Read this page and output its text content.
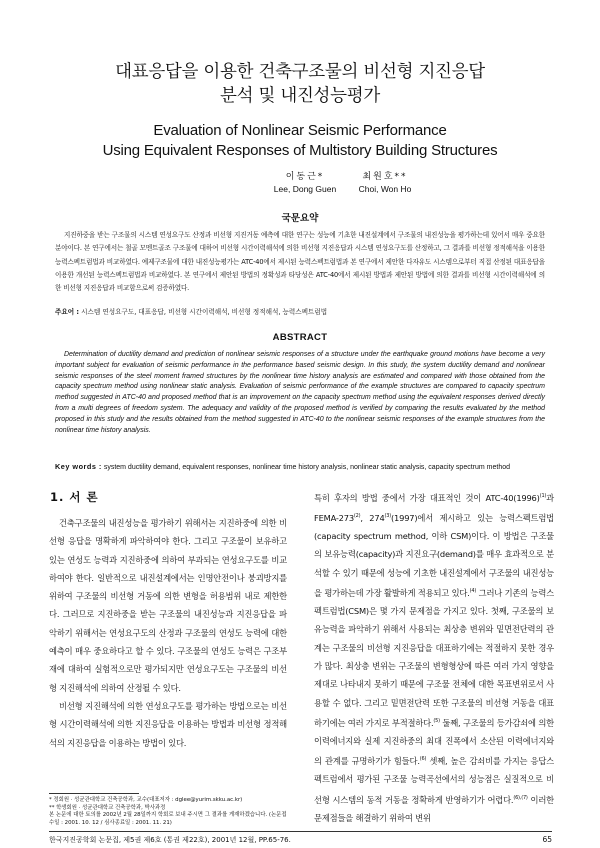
대표응답을 이용한 건축구조물의 비선형 지진응답
분석 및 내진성능평가
Evaluation of Nonlinear Seismic Performance
Using Equivalent Responses of Multistory Building Structures
이동근*
Lee, Dong Guen
최원호**
Choi, Won Ho
국문요약
지진하중을 받는 구조물의 시스템 연성요구도 산정과 비선형 지진거동 예측에 대한 연구는 성능에 기초한 내진설계에서 구조물의 내진성능을 평가하는데 있어서 매우 중요한 분야이다. 본 연구에서는 철골 모멘트골조 구조물에 대하여 비선형 시간이력해석에 의한 비선형 지진응답과 시스템 연성요구도를 산정하고, 그 결과를 비선형 정적해석을 이용한 능력스펙트럼법과 비교하였다. 예제구조물에 대한 내진성능평가는 ATC-40에서 제시된 능력스펙트럼법과 본 연구에서 제안한 다자유도 시스템으로부터 직접 산정된 대표응답을 이용한 개선된 능력스펙트럼법과 비교하였다. 본 연구에서 제안된 방법의 정확성과 타당성은 ATC-40에서 제시된 방법과 제안된 방법에 의한 결과를 비선형 시간이력해석에 의한 비선형 지진응답과 비교함으로써 검증하였다.
주요어 : 시스템 연성요구도, 대표응답, 비선형 시간이력해석, 비선형 정적해석, 능력스펙트럼법
ABSTRACT
Determination of ductility demand and prediction of nonlinear seismic responses of a structure under the earthquake ground motions have become a very important subject for evaluation of seismic performance in the performance based seismic design. In this study, the system ductility demand and nonlinear seismic responses of the steel moment framed structures by the nonlinear time history analysis are estimated and compared with those obtained from the capacity spectrum method using nonlinear static analysis. Evaluation of seismic performance of the example structures are compared to capacity spectrum method suggested in ATC-40 and proposed method that is an improvement on the capacity spectrum method using the equivalent responses derived directly from a multi degrees of freedom system. The adequacy and validity of the proposed method is verified by comparing the results evaluated by the method proposed in this study and the results obtained from the method suggested in ATC-40 to the nonlinear seismic responses of the example structures from the nonlinear time history analysis.
Key words : system ductility demand, equivalent responses, nonlinear time history analysis, nonlinear static analysis, capacity spectrum method
1. 서 론

건축구조물의 내진성능을 평가하기 위해서는 지진하중에 의한 비선형 응답을 명확하게 파악하여야 한다. 그리고 구조물이 보유하고 있는 연성도 능력과 지진하중에 의하여 부과되는 연성요구도를 비교하여야 한다. 일반적으로 내진설계에서는 인명안전이나 붕괴방지를 위하여 구조물의 비선형 거동에 의한 변형을 허용범위 내로 제한한다. 그러므로 지진하중을 받는 구조물의 내진성능과 지진응답을 파악하기 위해서는 연성요구도의 산정과 구조물의 연성도 능력에 대한 예측이 매우 중요하다고 할 수 있다. 구조물의 연성도 능력은 구조부재에 대하여 실험적으로만 평가되지만 연성요구도는 구조물의 비선형 지진해석에 의하여 산정될 수 있다.

비선형 지진해석에 의한 연성요구도를 평가하는 방법으로는 비선형 시간이력해석에 의한 지진응답을 이용하는 방법과 비선형 정적해석의 지진응답을 이용하는 방법이 있다.

특히 후자의 방법 중에서 가장 대표적인 것이 ATC-$40(1996)^{(1)}$과 FEMA-273$^{(2)}$, 274$^{(3)}$(1997)에서 제시하고 있는 능력스펙트럼법(capacity spectrum method, 이하 CSM)이다. 이 방법은 구조물의 보유능력(capacity)과 지진요구(demand)를 매우 효과적으로 분석할 수 있기 때문에 성능에 기초한 내진설계에서 구조물의 내진성능을 평가하는데 가장 활발하게 적용되고 있다.$^{(4)}$ 그러나 기존의 능력스펙트럼법(CSM)은 몇 가지 문제점을 가지고 있다. 첫째, 구조물의 보유능력을 파악하기 위해서 사용되는 최상층 변위와 밑면전단력의 관계는 구조물의 비선형 지진응답을 대표하기에는 적절하지 못한 경우가 많다. 최상층 변위는 구조물의 변형형상에 따른 여러 가지 영향을 제대로 나타내지 못하기 때문에 구조물 전체에 대한 목표변위로서 사용할 수 없다. 그리고 밑면전단력 또한 구조물의 비선형 거동을 대표하기에는 여러 가지로 부적절하다.$^{(5)}$ 둘째, 구조물의 등가감쇠에 의한 이력에너지와 실제 지진하중의 최대 진폭에서 소산된 이력에너지와의 관계를 규명하기가 힘들다.$^{(6)}$ 셋째, 높은 감쇠비를 가지는 응답스펙트럼에서 평가된 구조물 능력곡선에서의 성능점은 실질적으로 비선형 시스템의 동적 거동을 정확하게 반영하기가 어렵다.$^{(6),(7)}$ 이러한 문제점들을 해결하기 위하여 변위

* 정회원 · 성균관대학교 건축공학과, 교수(대표저자 : dglee@yurim.skku.ac.kr)
** 학생회원 · 성균관대학교 건축공학과, 박사과정
본 논문에 대한 토의를 2002년 2월 28일까지 학회로 보내 주시면 그 결과를 게재하겠습니다. (논문접수일 : 2001. 10. 12 / 심사종료일 : 2001. 11. 21)
한국지진공학회 논문집, 제5권 제6호 (통권 제22호), 2001년 12월, PP.65-76.	65
